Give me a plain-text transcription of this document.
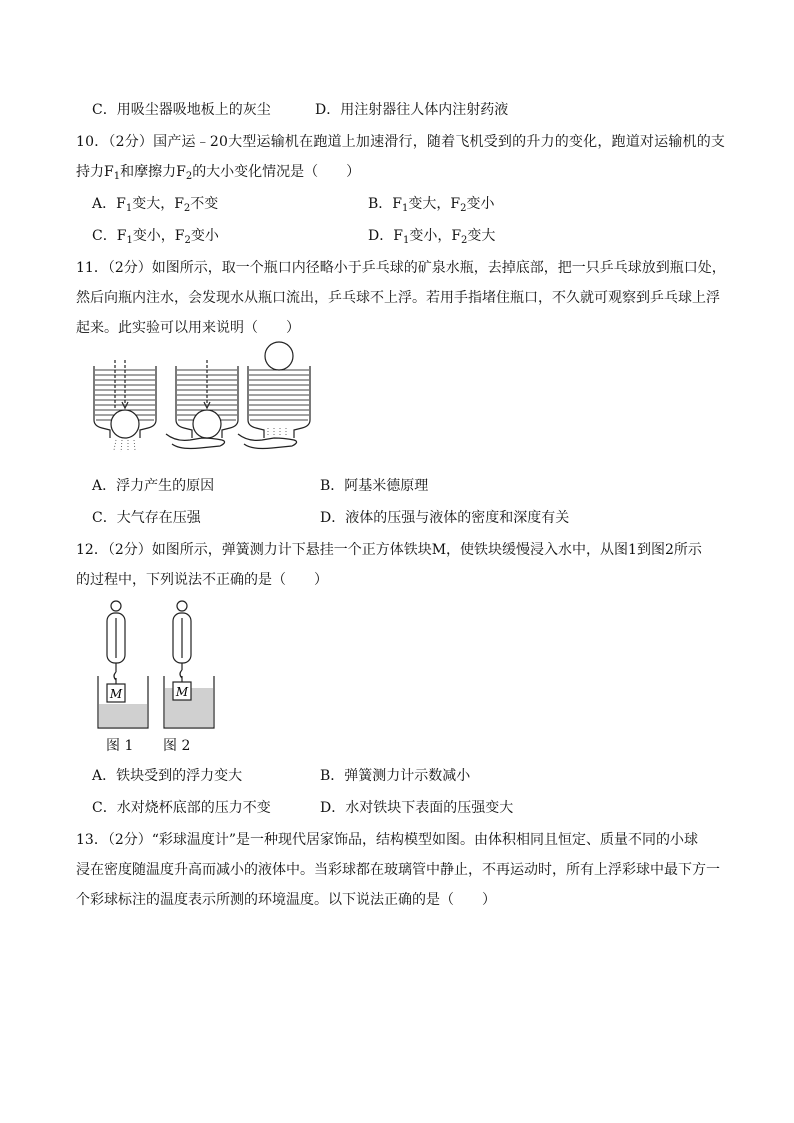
C．用吸尘器吸地板上的灰尘	D．用注射器往人体内注射药液
10．（2分）国产运﹣20大型运输机在跑道上加速滑行，随着飞机受到的升力的变化，跑道对运输机的支
持力$F_1$和摩擦力$F_2$的大小变化情况是（　　）
A．$F_1$变大，$F_2$不变	B．$F_1$变大，$F_2$变小
C．$F_1$变小，$F_2$变小	D．$F_1$变小，$F_2$变大
11．（2分）如图所示，取一个瓶口内径略小于乒乓球的矿泉水瓶，去掉底部，把一只乒乓球放到瓶口处，
然后向瓶内注水，会发现水从瓶口流出，乒乓球不上浮。若用手指堵住瓶口，不久就可观察到乒乓球上浮
起来。此实验可以用来说明（　　）
A．浮力产生的原因	B．阿基米德原理
C．大气存在压强	D．液体的压强与液体的密度和深度有关
12．（2分）如图所示，弹簧测力计下悬挂一个正方体铁块M，使铁块缓慢浸入水中，从图1到图2所示
的过程中，下列说法不正确的是（　　）
M	M
图 1 图 2
A．铁块受到的浮力变大	B．弹簧测力计示数减小
C．水对烧杯底部的压力不变	D．水对铁块下表面的压强变大
13．（2分）“彩球温度计”是一种现代居家饰品，结构模型如图。由体积相同且恒定、质量不同的小球
浸在密度随温度升高而减小的液体中。当彩球都在玻璃管中静止，不再运动时，所有上浮彩球中最下方一
个彩球标注的温度表示所测的环境温度。以下说法正确的是（　　）
